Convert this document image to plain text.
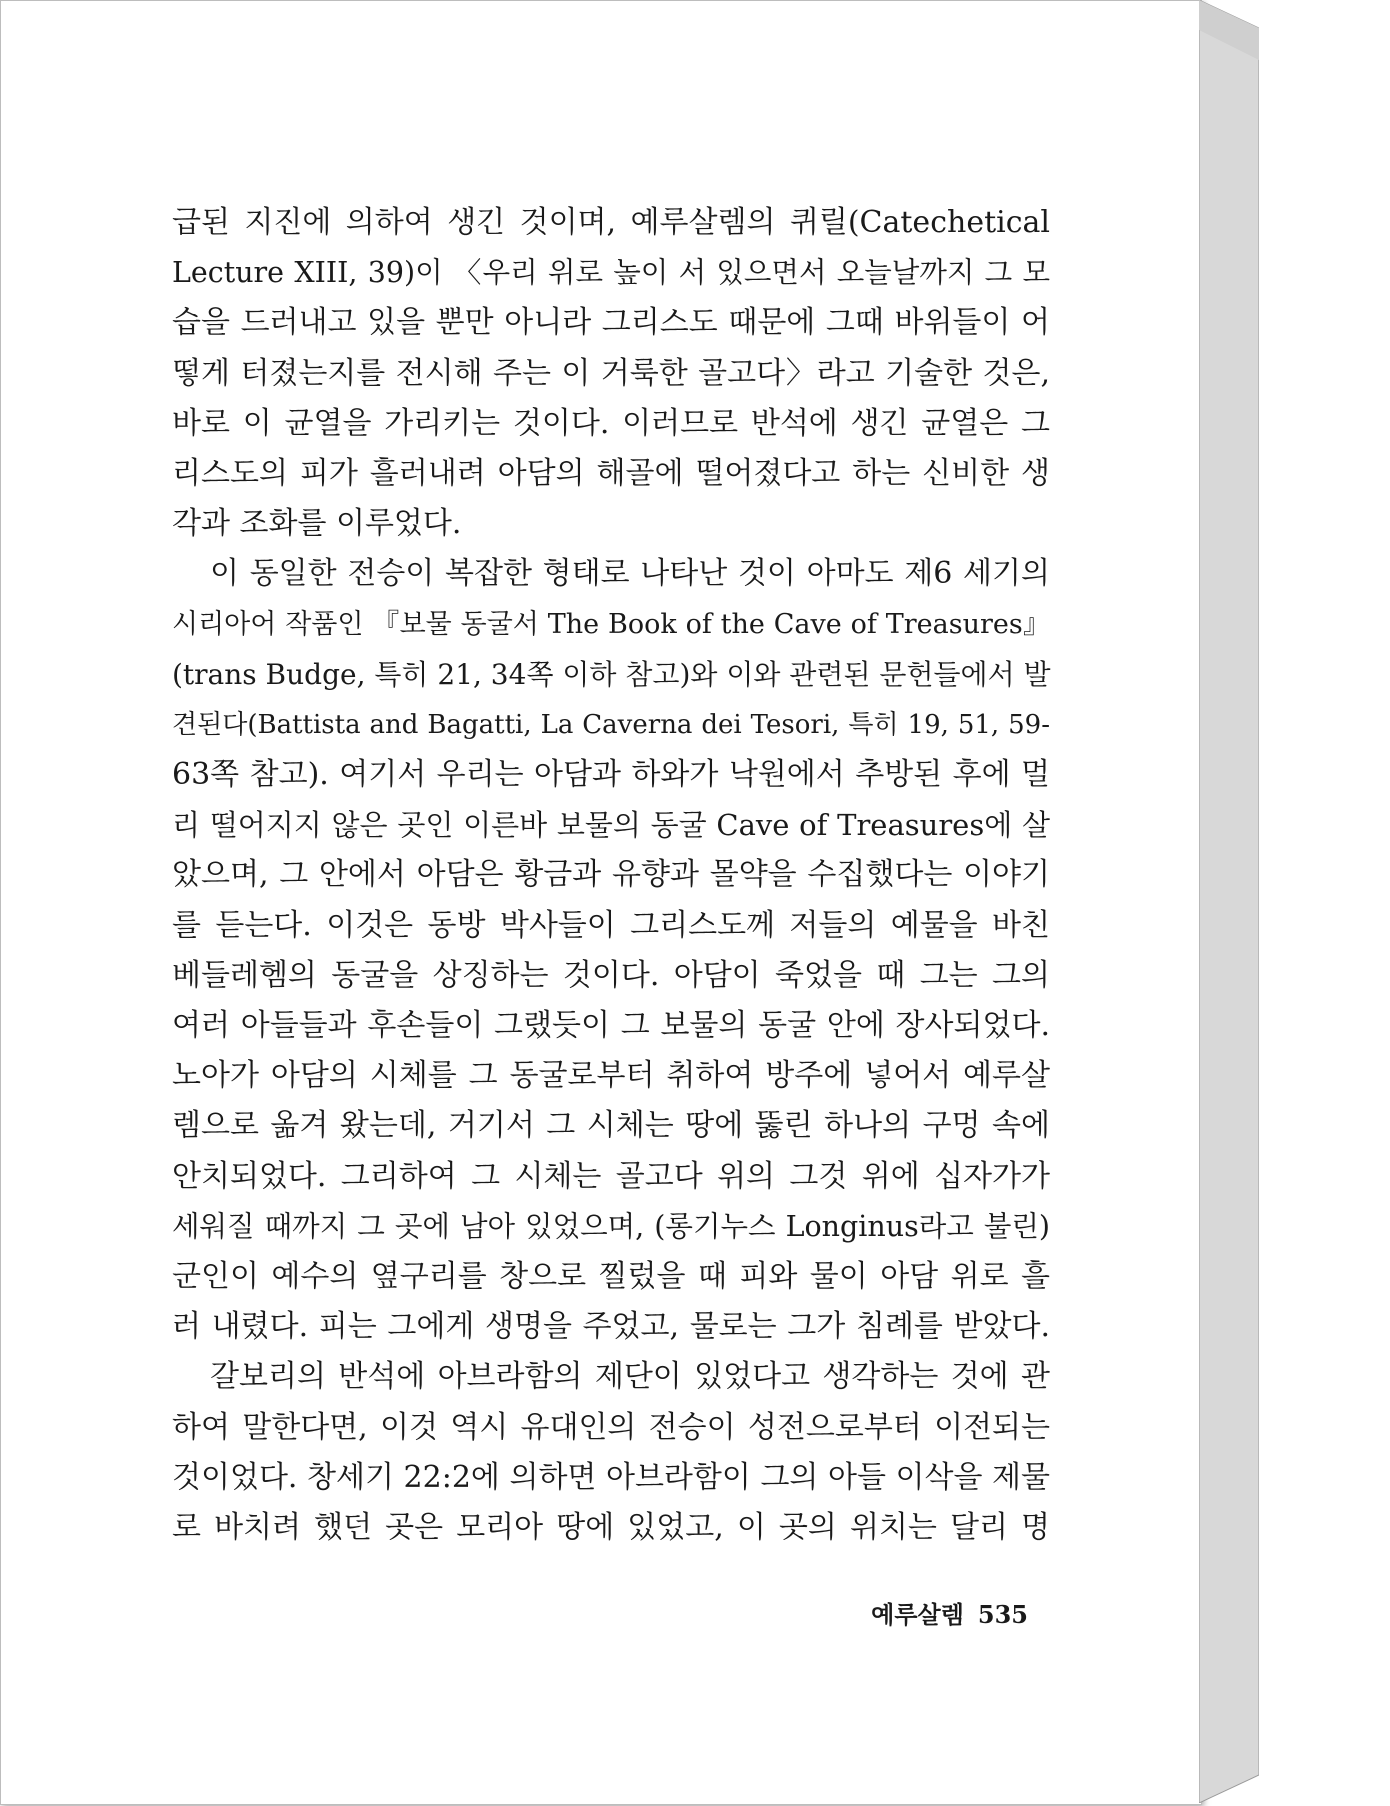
급된 지진에 의하여 생긴 것이며, 예루살렘의 퀴릴(Catechetical
Lecture XIII, 39)이 〈우리 위로 높이 서 있으면서 오늘날까지 그 모
습을 드러내고 있을 뿐만 아니라 그리스도 때문에 그때 바위들이 어
떻게 터졌는지를 전시해 주는 이 거룩한 골고다〉라고 기술한 것은,
바로 이 균열을 가리키는 것이다. 이러므로 반석에 생긴 균열은 그
리스도의 피가 흘러내려 아담의 해골에 떨어졌다고 하는 신비한 생
각과 조화를 이루었다.
이 동일한 전승이 복잡한 형태로 나타난 것이 아마도 제6 세기의
시리아어 작품인 『보물 동굴서 The Book of the Cave of Treasures』
(trans Budge, 특히 21, 34쪽 이하 참고)와 이와 관련된 문헌들에서 발
견된다(Battista and Bagatti, La Caverna dei Tesori, 특히 19, 51, 59-
63쪽 참고). 여기서 우리는 아담과 하와가 낙원에서 추방된 후에 멀
리 떨어지지 않은 곳인 이른바 보물의 동굴 Cave of Treasures에 살
았으며, 그 안에서 아담은 황금과 유향과 몰약을 수집했다는 이야기
를 듣는다. 이것은 동방 박사들이 그리스도께 저들의 예물을 바친
베들레헴의 동굴을 상징하는 것이다. 아담이 죽었을 때 그는 그의
여러 아들들과 후손들이 그랬듯이 그 보물의 동굴 안에 장사되었다.
노아가 아담의 시체를 그 동굴로부터 취하여 방주에 넣어서 예루살
렘으로 옮겨 왔는데, 거기서 그 시체는 땅에 뚫린 하나의 구멍 속에
안치되었다. 그리하여 그 시체는 골고다 위의 그것 위에 십자가가
세워질 때까지 그 곳에 남아 있었으며, (롱기누스 Longinus라고 불린)
군인이 예수의 옆구리를 창으로 찔렀을 때 피와 물이 아담 위로 흘
러 내렸다. 피는 그에게 생명을 주었고, 물로는 그가 침례를 받았다.
갈보리의 반석에 아브라함의 제단이 있었다고 생각하는 것에 관
하여 말한다면, 이것 역시 유대인의 전승이 성전으로부터 이전되는
것이었다. 창세기 22:2에 의하면 아브라함이 그의 아들 이삭을 제물
로 바치려 했던 곳은 모리아 땅에 있었고, 이 곳의 위치는 달리 명
예루살렘 535
